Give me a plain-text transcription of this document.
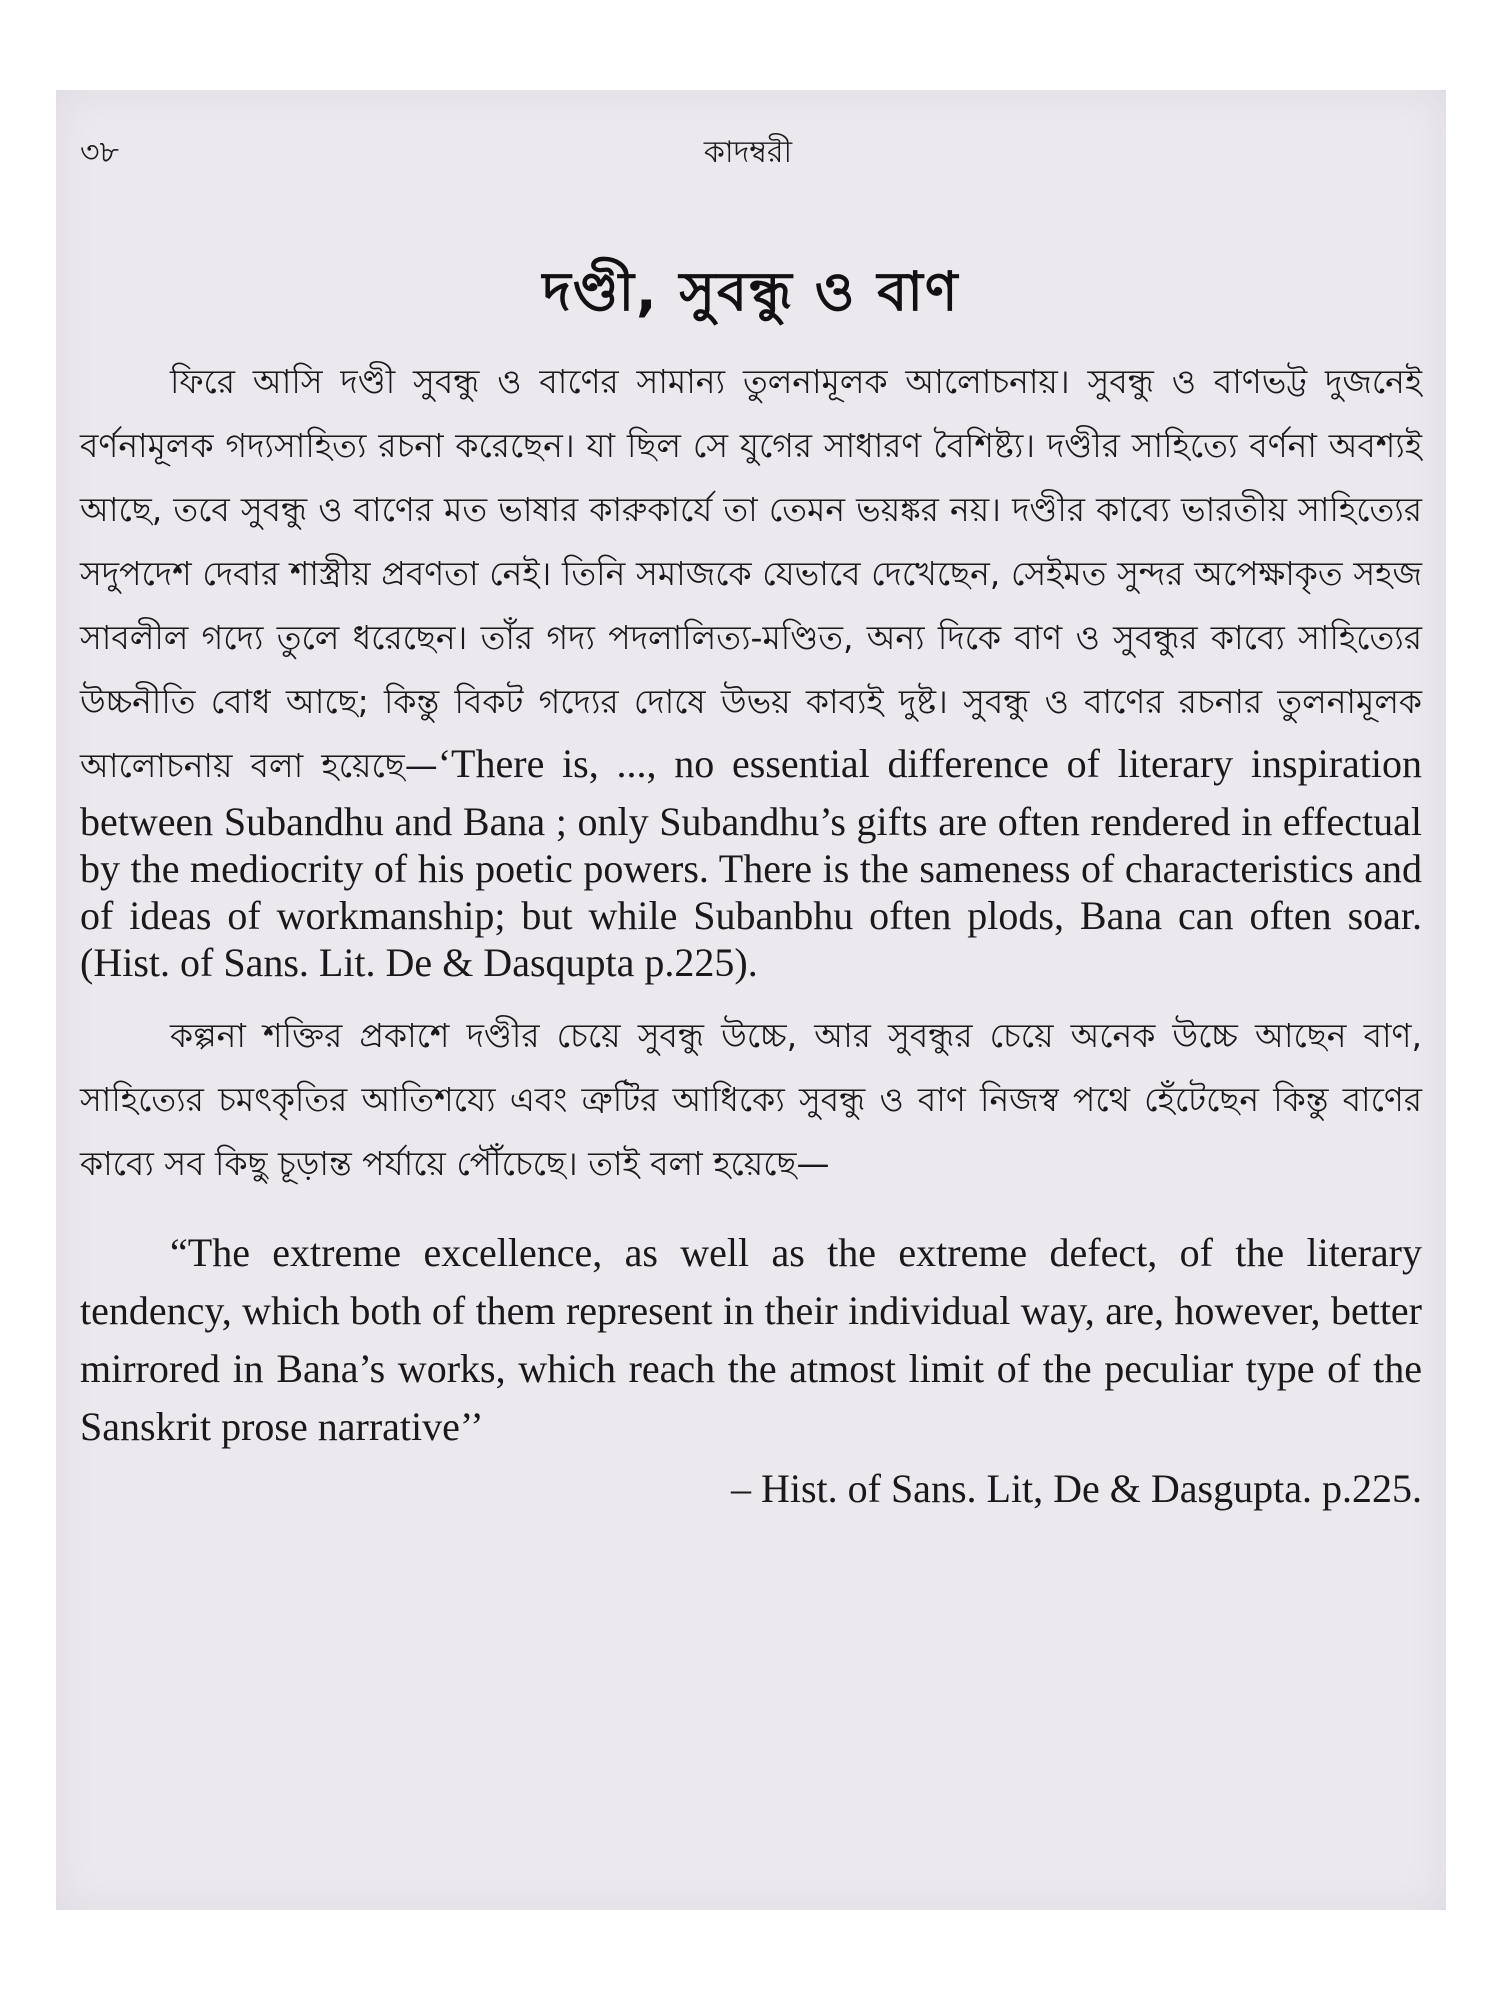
৩৮	কাদম্বরী
দণ্ডী, সুবন্ধু ও বাণ

ফিরে আসি দণ্ডী সুবন্ধু ও বাণের সামান্য তুলনামূলক আলোচনায়। সুবন্ধু ও বাণভট্ট দুজনেই বর্ণনামূলক গদ্যসাহিত্য রচনা করেছেন। যা ছিল সে যুগের সাধারণ বৈশিষ্ট্য। দণ্ডীর সাহিত্যে বর্ণনা অবশ্যই আছে, তবে সুবন্ধু ও বাণের মত ভাষার কারুকার্যে তা তেমন ভয়ঙ্কর নয়। দণ্ডীর কাব্যে ভারতীয় সাহিত্যের সদুপদেশ দেবার শাস্ত্রীয় প্রবণতা নেই। তিনি সমাজকে যেভাবে দেখেছেন, সেইমত সুন্দর অপেক্ষাকৃত সহজ সাবলীল গদ্যে তুলে ধরেছেন। তাঁর গদ্য পদলালিত্য-মণ্ডিত, অন্য দিকে বাণ ও সুবন্ধুর কাব্যে সাহিত্যের উচ্চনীতি বোধ আছে; কিন্তু বিকট গদ্যের দোষে উভয় কাব্যই দুষ্ট। সুবন্ধু ও বাণের রচনার তুলনামূলক আলোচনায় বলা হয়েছে—‘There is, ..., no essential difference of literary inspiration between Subandhu and Bana ; only Subandhu’s gifts are often rendered in effectual by the mediocrity of his poetic powers. There is the sameness of characteristics and of ideas of workmanship; but while Subanbhu often plods, Bana can often soar. (Hist. of Sans. Lit. De & Dasqupta p.225).

কল্পনা শক্তির প্রকাশে দণ্ডীর চেয়ে সুবন্ধু উচ্চে, আর সুবন্ধুর চেয়ে অনেক উচ্চে আছেন বাণ, সাহিত্যের চমৎকৃতির আতিশয্যে এবং ত্রুটির আধিক্যে সুবন্ধু ও বাণ নিজস্ব পথে হেঁটেছেন কিন্তু বাণের কাব্যে সব কিছু চূড়ান্ত পর্যায়ে পৌঁচেছে। তাই বলা হয়েছে—

“The extreme excellence, as well as the extreme defect, of the literary tendency, which both of them represent in their individual way, are, however, better mirrored in Bana’s works, which reach the atmost limit of the peculiar type of the Sanskrit prose narrative’’

– Hist. of Sans. Lit, De & Dasgupta. p.225.
